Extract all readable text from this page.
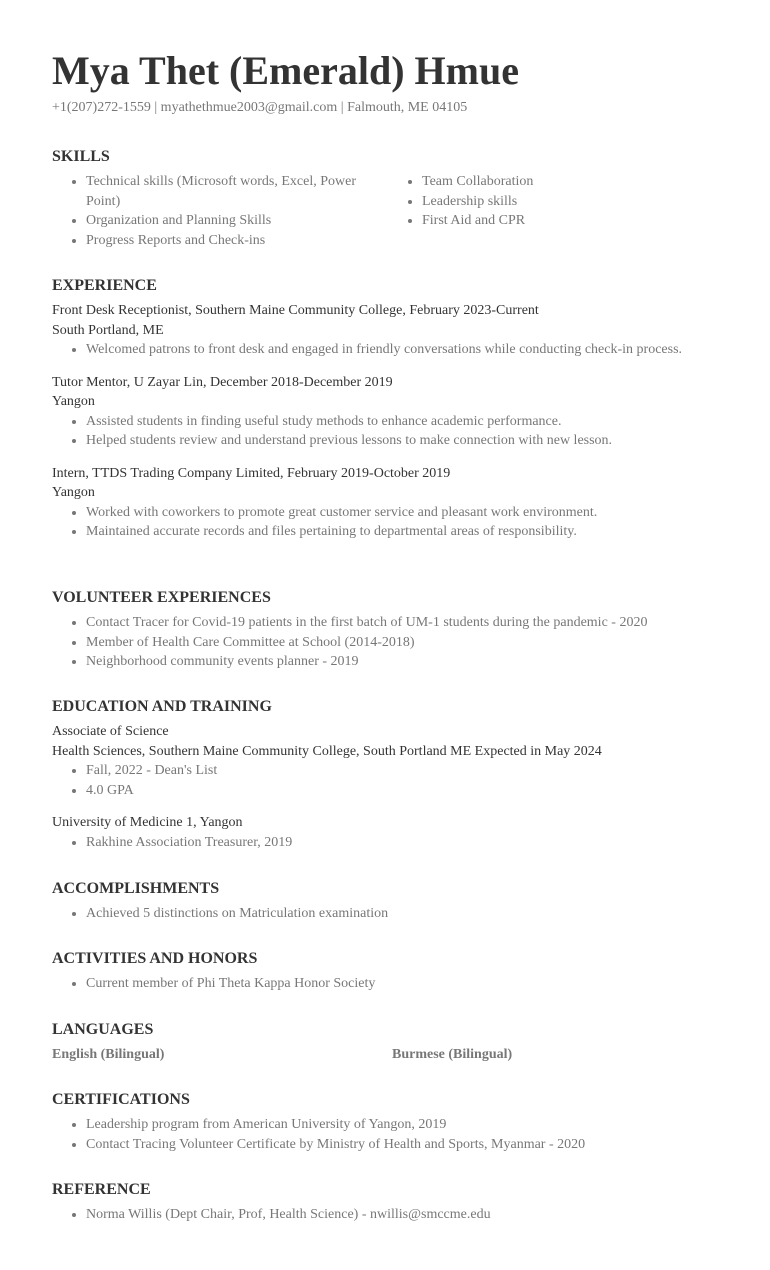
Mya Thet (Emerald) Hmue
+1(207)272-1559 | myathethmue2003@gmail.com | Falmouth, ME 04105
SKILLS
Technical skills (Microsoft words, Excel, Power Point)
Organization and Planning Skills
Progress Reports and Check-ins
Team Collaboration
Leadership skills
First Aid and CPR
EXPERIENCE
Front Desk Receptionist, Southern Maine Community College, February 2023-Current
South Portland, ME
Welcomed patrons to front desk and engaged in friendly conversations while conducting check-in process.
Tutor Mentor, U Zayar Lin, December 2018-December 2019
Yangon
Assisted students in finding useful study methods to enhance academic performance.
Helped students review and understand previous lessons to make connection with new lesson.
Intern, TTDS Trading Company Limited, February 2019-October 2019
Yangon
Worked with coworkers to promote great customer service and pleasant work environment.
Maintained accurate records and files pertaining to departmental areas of responsibility.
VOLUNTEER EXPERIENCES
Contact Tracer for Covid-19 patients in the first batch of UM-1 students during the pandemic - 2020
Member of Health Care Committee at School (2014-2018)
Neighborhood community events planner - 2019
EDUCATION AND TRAINING
Associate of Science
Health Sciences, Southern Maine Community College, South Portland ME Expected in May 2024
Fall, 2022 - Dean's List
4.0 GPA
University of Medicine 1, Yangon
Rakhine Association Treasurer, 2019
ACCOMPLISHMENTS
Achieved 5 distinctions on Matriculation examination
ACTIVITIES AND HONORS
Current member of Phi Theta Kappa Honor Society
LANGUAGES
English (Bilingual)	Burmese (Bilingual)
CERTIFICATIONS
Leadership program from American University of Yangon, 2019
Contact Tracing Volunteer Certificate by Ministry of Health and Sports, Myanmar - 2020
REFERENCE
Norma Willis (Dept Chair, Prof, Health Science) - nwillis@smccme.edu
